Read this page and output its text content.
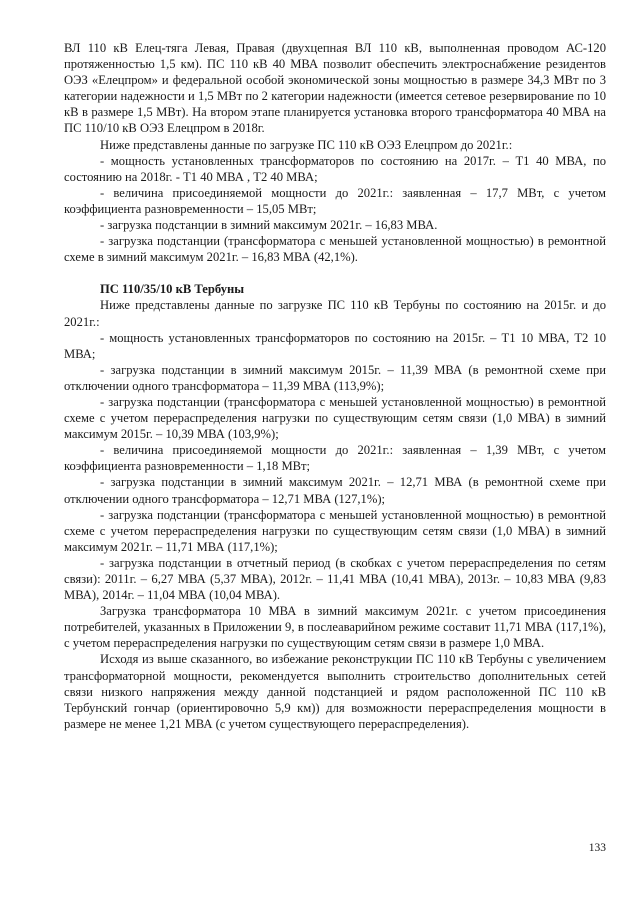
ВЛ 110 кВ Елец-тяга Левая, Правая (двухцепная ВЛ 110 кВ, выполненная проводом АС-120 протяженностью 1,5 км). ПС 110 кВ 40 МВА позволит обеспечить электроснабжение резидентов ОЭЗ «Елецпром» и федеральной особой экономической зоны мощностью в размере 34,3 МВт по 3 категории надежности и 1,5 МВт по 2 категории надежности (имеется сетевое резервирование по 10 кВ в размере 1,5 МВт). На втором этапе планируется установка второго трансформатора 40 МВА на ПС 110/10 кВ ОЭЗ Елецпром в 2018г.

Ниже представлены данные по загрузке ПС 110 кВ ОЭЗ Елецпром до 2021г.:

- мощность установленных трансформаторов по состоянию на 2017г. – Т1 40 МВА, по состоянию на 2018г. - Т1 40 МВА , Т2 40 МВА;

- величина присоединяемой мощности до 2021г.: заявленная – 17,7 МВт, с учетом коэффициента разновременности – 15,05 МВт;

- загрузка подстанции в зимний максимум 2021г. – 16,83 МВА.

- загрузка подстанции (трансформатора с меньшей установленной мощностью) в ремонтной схеме в зимний максимум 2021г. – 16,83 МВА (42,1%).

ПС 110/35/10 кВ Тербуны

Ниже представлены данные по загрузке ПС 110 кВ Тербуны по состоянию на 2015г. и до 2021г.:

- мощность установленных трансформаторов по состоянию на 2015г. – Т1 10 МВА, Т2 10 МВА;

- загрузка подстанции в зимний максимум 2015г. – 11,39 МВА (в ремонтной схеме при отключении одного трансформатора – 11,39 МВА (113,9%);

- загрузка подстанции (трансформатора с меньшей установленной мощностью) в ремонтной схеме с учетом перераспределения нагрузки по существующим сетям связи (1,0 МВА) в зимний максимум 2015г. – 10,39 МВА (103,9%);

- величина присоединяемой мощности до 2021г.: заявленная – 1,39 МВт, с учетом коэффициента разновременности – 1,18 МВт;

- загрузка подстанции в зимний максимум 2021г. – 12,71 МВА (в ремонтной схеме при отключении одного трансформатора – 12,71 МВА (127,1%);

- загрузка подстанции (трансформатора с меньшей установленной мощностью) в ремонтной схеме с учетом перераспределения нагрузки по существующим сетям связи (1,0 МВА) в зимний максимум 2021г. – 11,71 МВА (117,1%);

- загрузка подстанции в отчетный период (в скобках с учетом перераспределения по сетям связи): 2011г. – 6,27 МВА (5,37 МВА), 2012г. – 11,41 МВА (10,41 МВА), 2013г. – 10,83 МВА (9,83 МВА), 2014г. – 11,04 МВА (10,04 МВА).

Загрузка трансформатора 10 МВА в зимний максимум 2021г. с учетом присоединения потребителей, указанных в Приложении 9, в послеаварийном режиме составит 11,71 МВА (117,1%), с учетом перераспределения нагрузки по существующим сетям связи в размере 1,0 МВА.

Исходя из выше сказанного, во избежание реконструкции ПС 110 кВ Тербуны с увеличением трансформаторной мощности, рекомендуется выполнить строительство дополнительных сетей связи низкого напряжения между данной подстанцией и рядом расположенной ПС 110 кВ Тербунский гончар (ориентировочно 5,9 км)) для возможности перераспределения мощности в размере не менее 1,21 МВА (с учетом существующего перераспределения).

133
